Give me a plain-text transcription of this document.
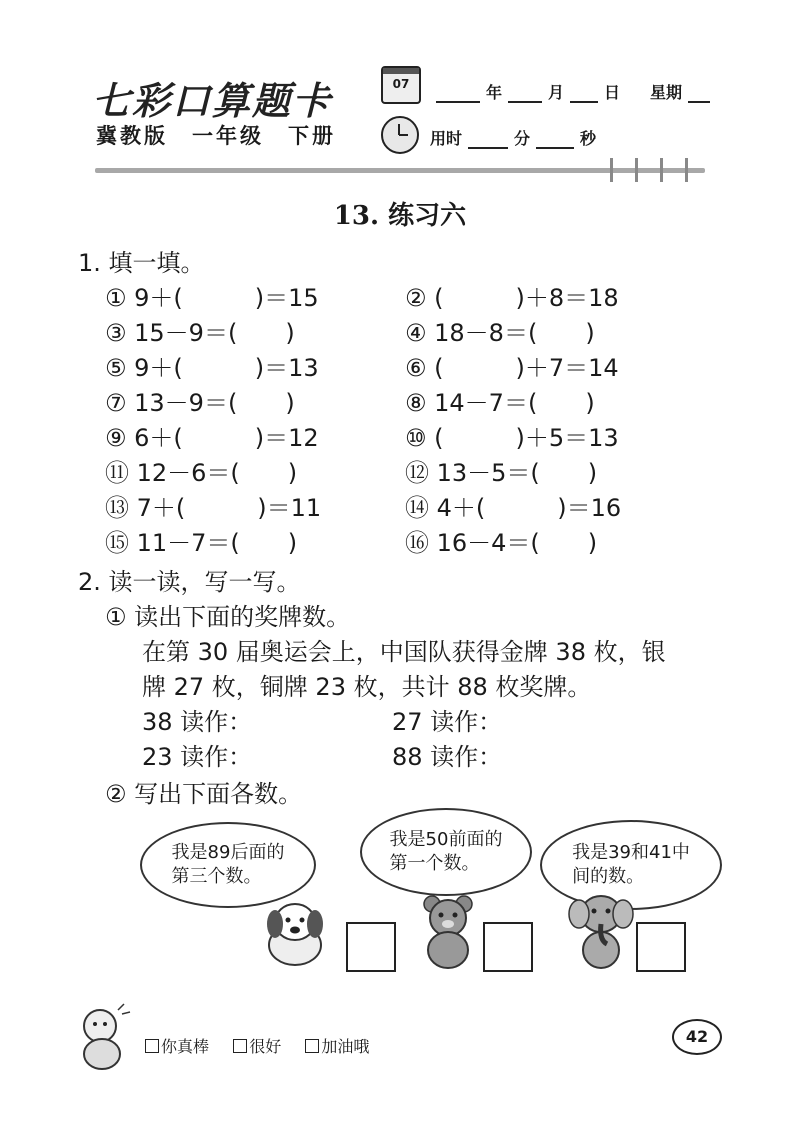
七彩口算题卡
冀教版　一年级　下册
07	年	月	日 星期
用时	分	秒
13. 练习六
1. 填一填。
① 9＋(　　　)＝15	② (　　　)＋8＝18
③ 15－9＝(　　)	④ 18－8＝(　　)
⑤ 9＋(　　　)＝13	⑥ (　　　)＋7＝14
⑦ 13－9＝(　　)	⑧ 14－7＝(　　)
⑨ 6＋(　　　)＝12	⑩ (　　　)＋5＝13
⑪ 12－6＝(　　)	⑫ 13－5＝(　　)
⑬ 7＋(　　　)＝11	⑭ 4＋(　　　)＝16
⑮ 11－7＝(　　)	⑯ 16－4＝(　　)
2. 读一读，写一写。
① 读出下面的奖牌数。
在第 30 届奥运会上，中国队获得金牌 38 枚，银
牌 27 枚，铜牌 23 枚，共计 88 枚奖牌。
38 读作：	27 读作：
23 读作：	88 读作：
② 写出下面各数。
我是89后面的
第三个数。
我是50前面的
第一个数。
我是39和41中
间的数。
你真棒	很好	加油哦
42
